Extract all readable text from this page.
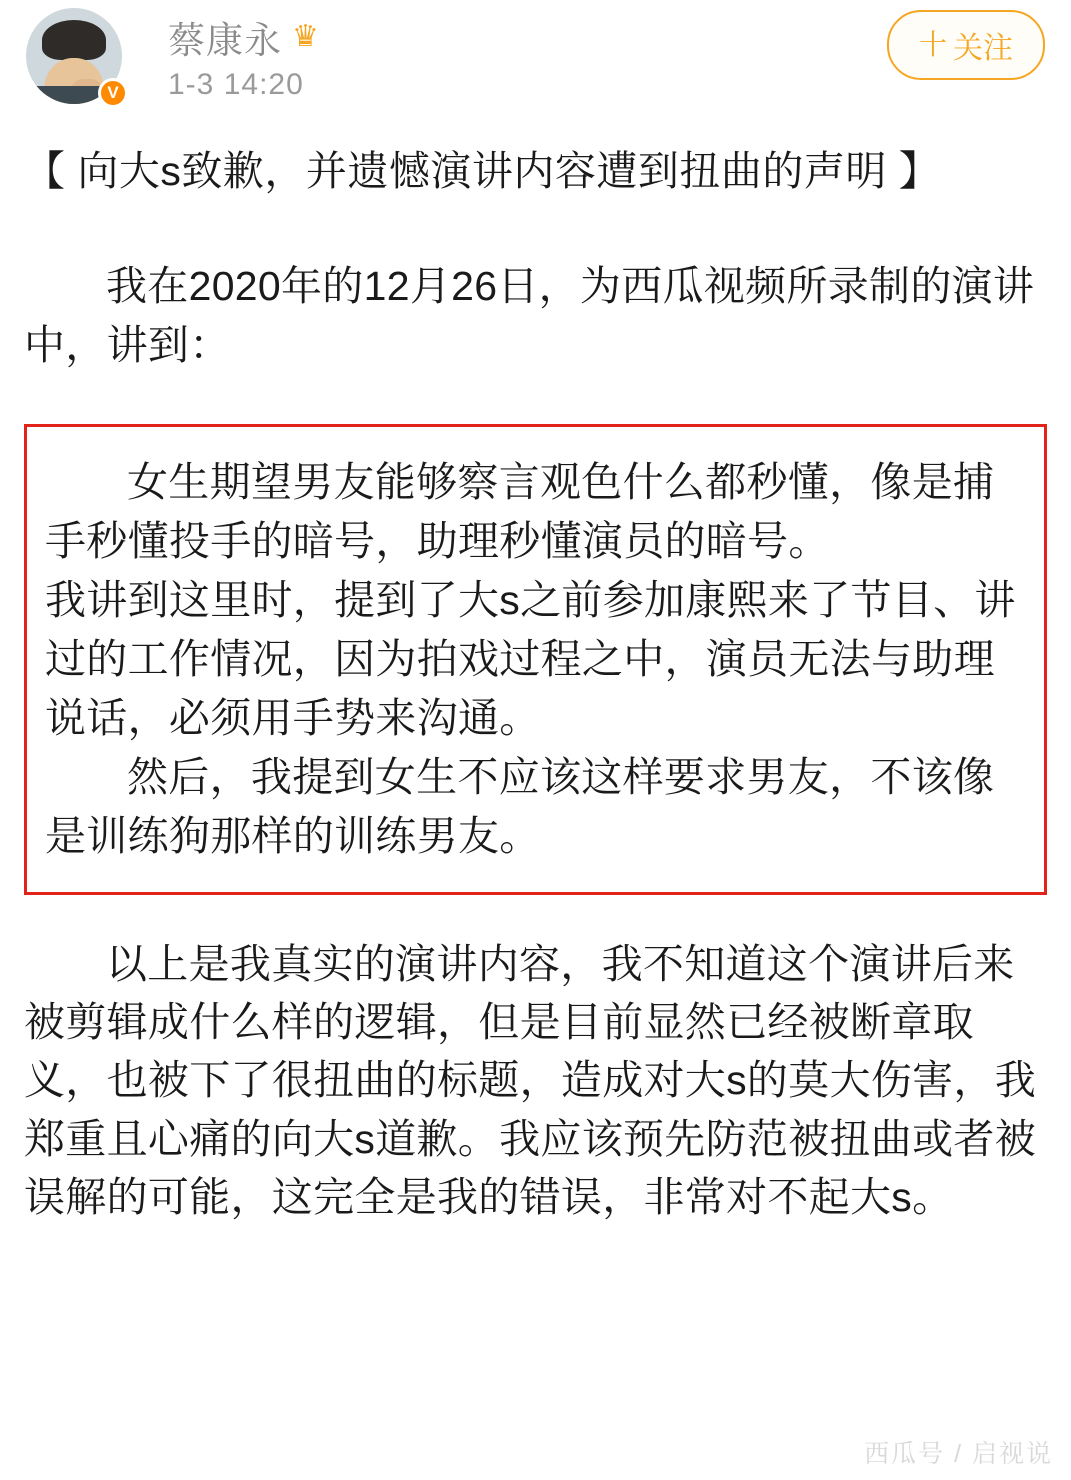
V
蔡康永 ♛
1-3 14:20
十 关注
【 向大s致歉，并遗憾演讲内容遭到扭曲的声明 】
我在2020年的12月26日，为西瓜视频所录制的演讲中，讲到：
女生期望男友能够察言观色什么都秒懂，像是捕手秒懂投手的暗号，助理秒懂演员的暗号。
我讲到这里时，提到了大s之前参加康熙来了节目、讲过的工作情况，因为拍戏过程之中，演员无法与助理说话，必须用手势来沟通。
然后，我提到女生不应该这样要求男友，不该像是训练狗那样的训练男友。
以上是我真实的演讲内容，我不知道这个演讲后来被剪辑成什么样的逻辑，但是目前显然已经被断章取义，也被下了很扭曲的标题，造成对大s的莫大伤害，我郑重且心痛的向大s道歉。我应该预先防范被扭曲或者被误解的可能，这完全是我的错误，非常对不起大s。
西瓜号 / 启视说
